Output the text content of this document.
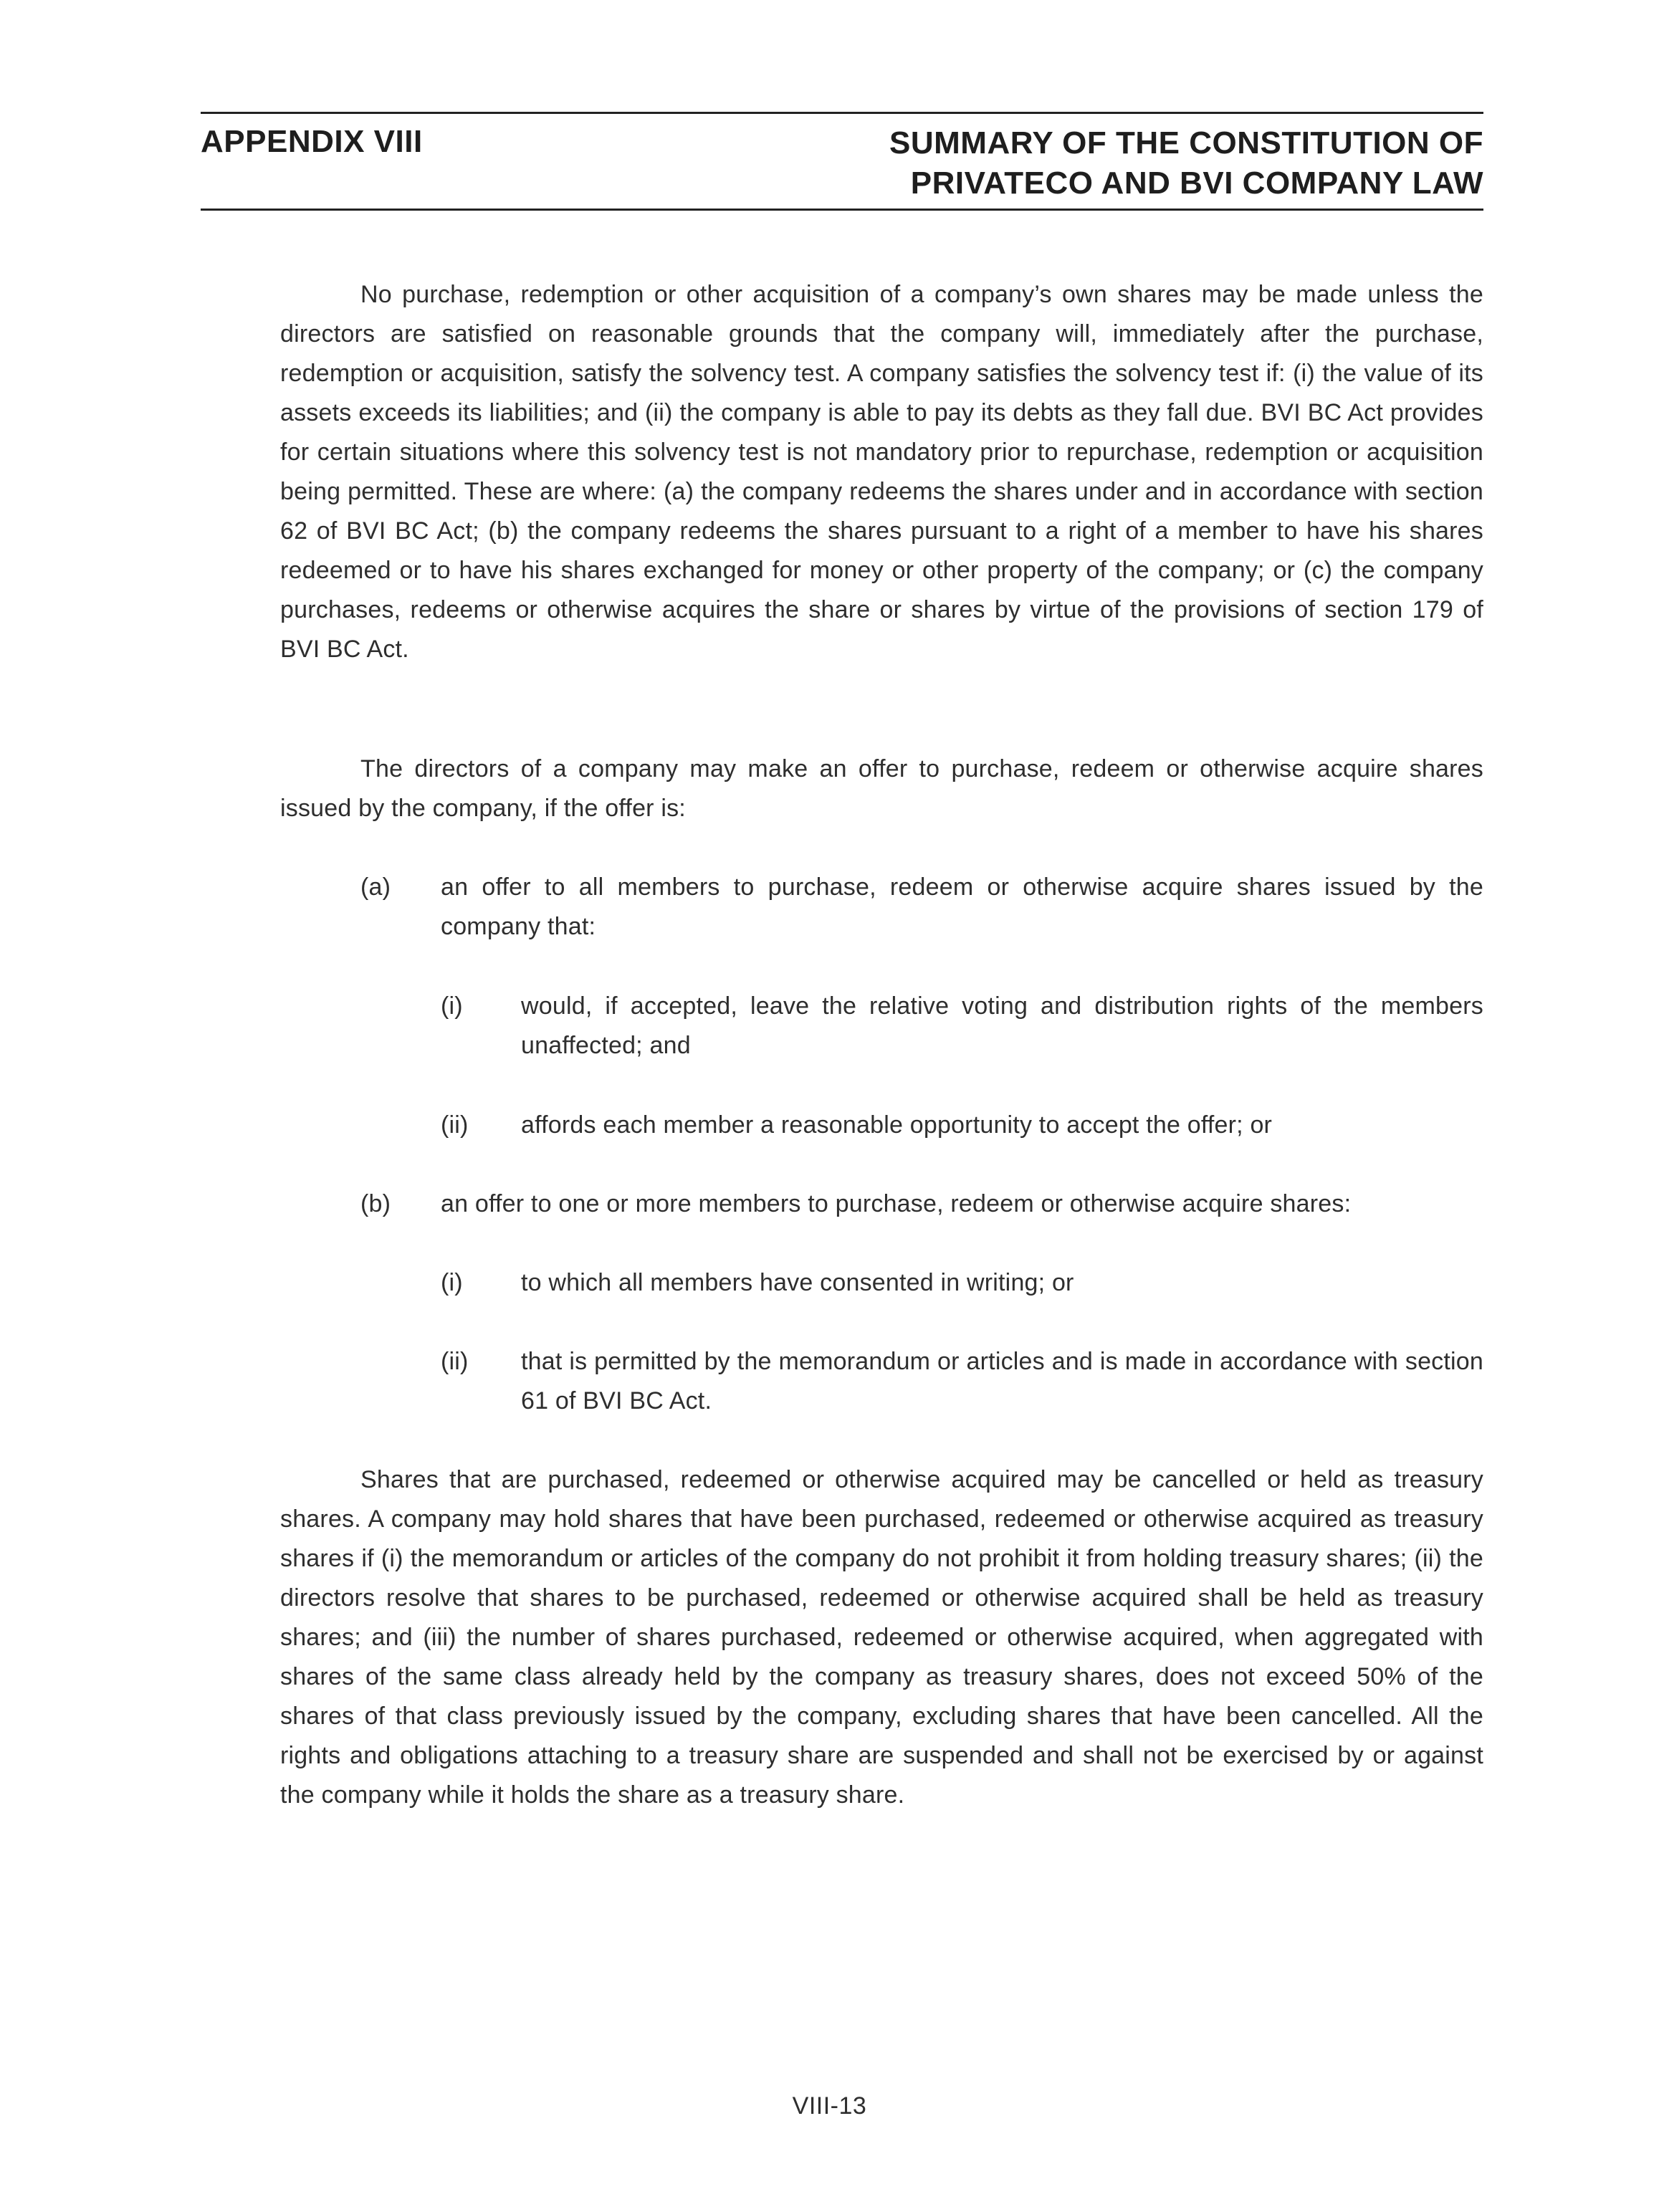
APPENDIX VIII	SUMMARY OF THE CONSTITUTION OF
PRIVATECO AND BVI COMPANY LAW

No purchase, redemption or other acquisition of a company’s own shares may be made unless the directors are satisfied on reasonable grounds that the company will, immediately after the purchase, redemption or acquisition, satisfy the solvency test. A company satisfies the solvency test if: (i) the value of its assets exceeds its liabilities; and (ii) the company is able to pay its debts as they fall due. BVI BC Act provides for certain situations where this solvency test is not mandatory prior to repurchase, redemption or acquisition being permitted. These are where: (a) the company redeems the shares under and in accordance with section 62 of BVI BC Act; (b) the company redeems the shares pursuant to a right of a member to have his shares redeemed or to have his shares exchanged for money or other property of the company; or (c) the company purchases, redeems or otherwise acquires the share or shares by virtue of the provisions of section 179 of BVI BC Act.

The directors of a company may make an offer to purchase, redeem or otherwise acquire shares issued by the company, if the offer is:

(a) an offer to all members to purchase, redeem or otherwise acquire shares issued by the company that:
(i) would, if accepted, leave the relative voting and distribution rights of the members unaffected; and
(ii) affords each member a reasonable opportunity to accept the offer; or
(b) an offer to one or more members to purchase, redeem or otherwise acquire shares:
(i) to which all members have consented in writing; or
(ii) that is permitted by the memorandum or articles and is made in accordance with section 61 of BVI BC Act.

Shares that are purchased, redeemed or otherwise acquired may be cancelled or held as treasury shares. A company may hold shares that have been purchased, redeemed or otherwise acquired as treasury shares if (i) the memorandum or articles of the company do not prohibit it from holding treasury shares; (ii) the directors resolve that shares to be purchased, redeemed or otherwise acquired shall be held as treasury shares; and (iii) the number of shares purchased, redeemed or otherwise acquired, when aggregated with shares of the same class already held by the company as treasury shares, does not exceed 50% of the shares of that class previously issued by the company, excluding shares that have been cancelled. All the rights and obligations attaching to a treasury share are suspended and shall not be exercised by or against the company while it holds the share as a treasury share.

VIII-13
